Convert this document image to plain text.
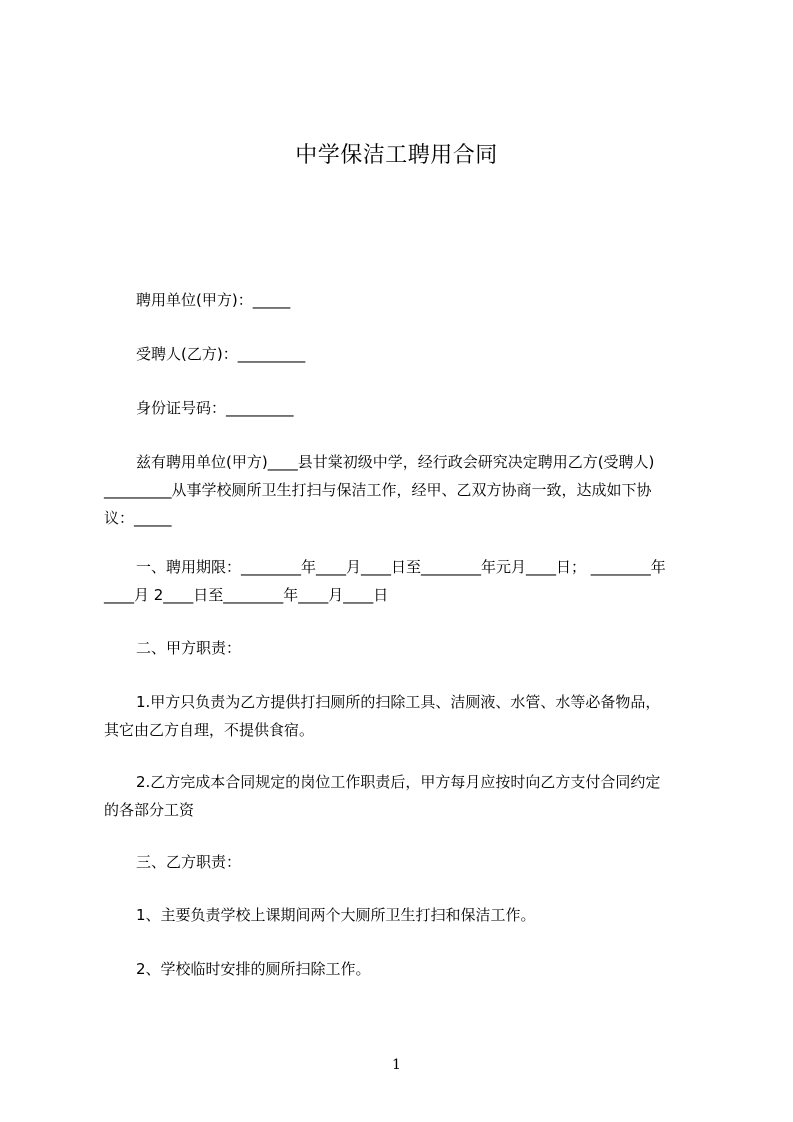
中学保洁工聘用合同

聘用单位(甲方)：_____

受聘人(乙方)：_________

身份证号码：_________

兹有聘用单位(甲方)____县甘棠初级中学，经行政会研究决定聘用乙方(受聘人)
_________从事学校厕所卫生打扫与保洁工作，经甲、乙双方协商一致，达成如下协
议：_____

一、聘用期限：________年____月____日至________年元月____日； ________年
____月 2____日至________年____月____日

二、甲方职责：

1.甲方只负责为乙方提供打扫厕所的扫除工具、洁厕液、水管、水等必备物品，
其它由乙方自理，不提供食宿。

2.乙方完成本合同规定的岗位工作职责后，甲方每月应按时向乙方支付合同约定
的各部分工资

三、乙方职责：

1、主要负责学校上课期间两个大厕所卫生打扫和保洁工作。

2、学校临时安排的厕所扫除工作。

1
